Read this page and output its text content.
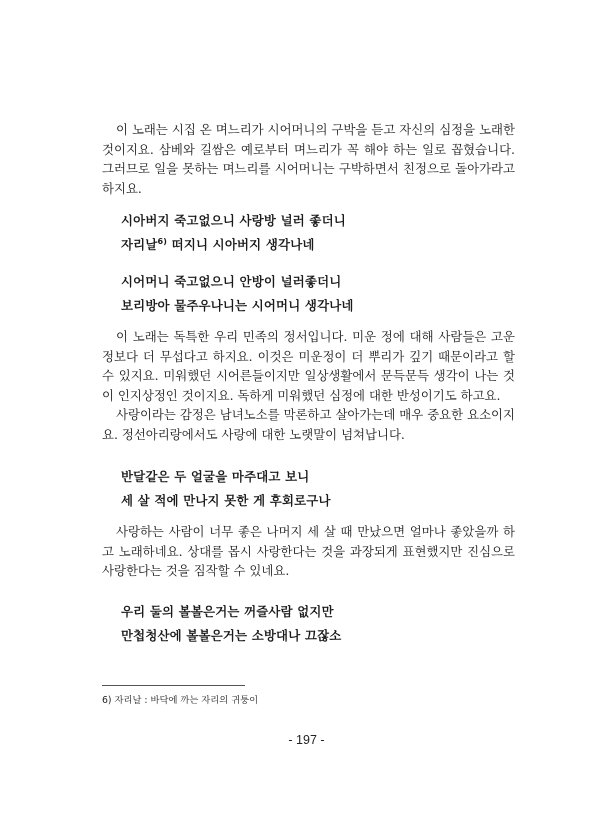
이 노래는 시집 온 며느리가 시어머니의 구박을 듣고 자신의 심정을 노래한 것이지요. 삼베와 길쌈은 예로부터 며느리가 꼭 해야 하는 일로 꼽혔습니다. 그러므로 일을 못하는 며느리를 시어머니는 구박하면서 친정으로 돌아가라고 하지요.

시아버지 죽고없으니 사랑방 널러 좋더니
자리날$^{6)}$ 떠지니 시아버지 생각나네
시어머니 죽고없으니 안방이 널러좋더니
보리방아 물주우나니는 시어머니 생각나네

이 노래는 독특한 우리 민족의 정서입니다. 미운 정에 대해 사람들은 고운 정보다 더 무섭다고 하지요. 이것은 미운정이 더 뿌리가 깊기 때문이라고 할 수 있지요. 미워했던 시어른들이지만 일상생활에서 문득문득 생각이 나는 것이 인지상정인 것이지요. 독하게 미워했던 심정에 대한 반성이기도 하고요.

사랑이라는 감정은 남녀노소를 막론하고 살아가는데 매우 중요한 요소이지요. 정선아리랑에서도 사랑에 대한 노랫말이 넘쳐납니다.

반달같은 두 얼굴을 마주대고 보니
세 살 적에 만나지 못한 게 후회로구나

사랑하는 사람이 너무 좋은 나머지 세 살 때 만났으면 얼마나 좋았을까 하고 노래하네요. 상대를 몹시 사랑한다는 것을 과장되게 표현했지만 진심으로 사랑한다는 것을 짐작할 수 있네요.

우리 둘의 볼볼은거는 꺼즐사람 없지만
만첩청산에 볼볼은거는 소방대나 끄잖소
6) 자리날 : 바닥에 까는 자리의 귀퉁이
- 197 -
